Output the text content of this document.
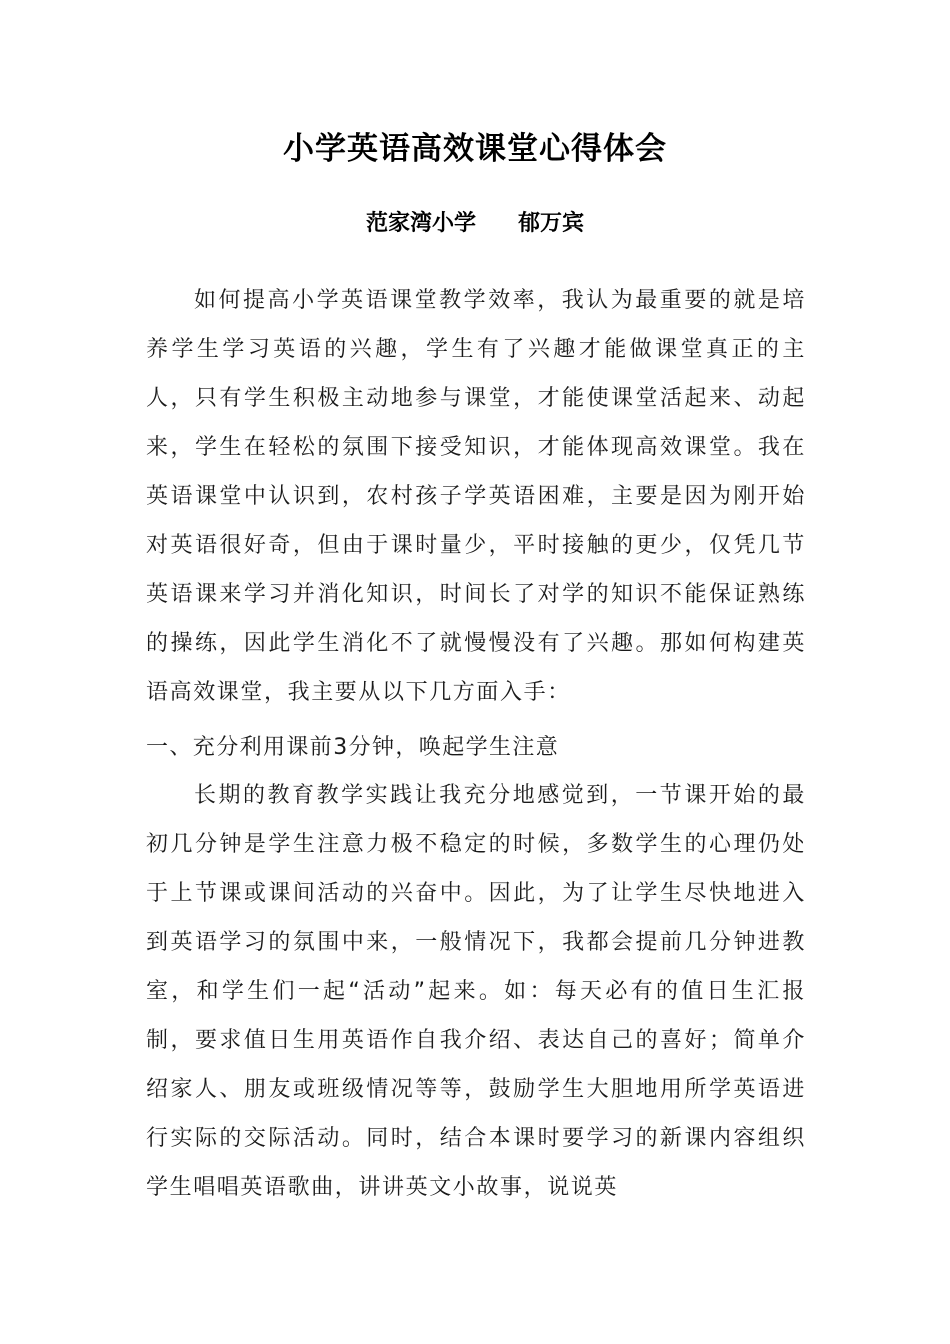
小学英语高效课堂心得体会
范家湾小学 郁万宾
如何提高小学英语课堂教学效率，我认为最重要的就是培养学生学习英语的兴趣，学生有了兴趣才能做课堂真正的主人，只有学生积极主动地参与课堂，才能使课堂活起来、动起来，学生在轻松的氛围下接受知识，才能体现高效课堂。我在英语课堂中认识到，农村孩子学英语困难，主要是因为刚开始对英语很好奇，但由于课时量少，平时接触的更少，仅凭几节英语课来学习并消化知识，时间长了对学的知识不能保证熟练的操练，因此学生消化不了就慢慢没有了兴趣。那如何构建英语高效课堂，我主要从以下几方面入手：
一、充分利用课前3分钟，唤起学生注意
长期的教育教学实践让我充分地感觉到，一节课开始的最初几分钟是学生注意力极不稳定的时候，多数学生的心理仍处于上节课或课间活动的兴奋中。因此，为了让学生尽快地进入到英语学习的氛围中来，一般情况下，我都会提前几分钟进教室，和学生们一起“活动”起来。如：每天必有的值日生汇报制，要求值日生用英语作自我介绍、表达自己的喜好；简单介绍家人、朋友或班级情况等等，鼓励学生大胆地用所学英语进行实际的交际活动。同时，结合本课时要学习的新课内容组织学生唱唱英语歌曲，讲讲英文小故事，说说英
